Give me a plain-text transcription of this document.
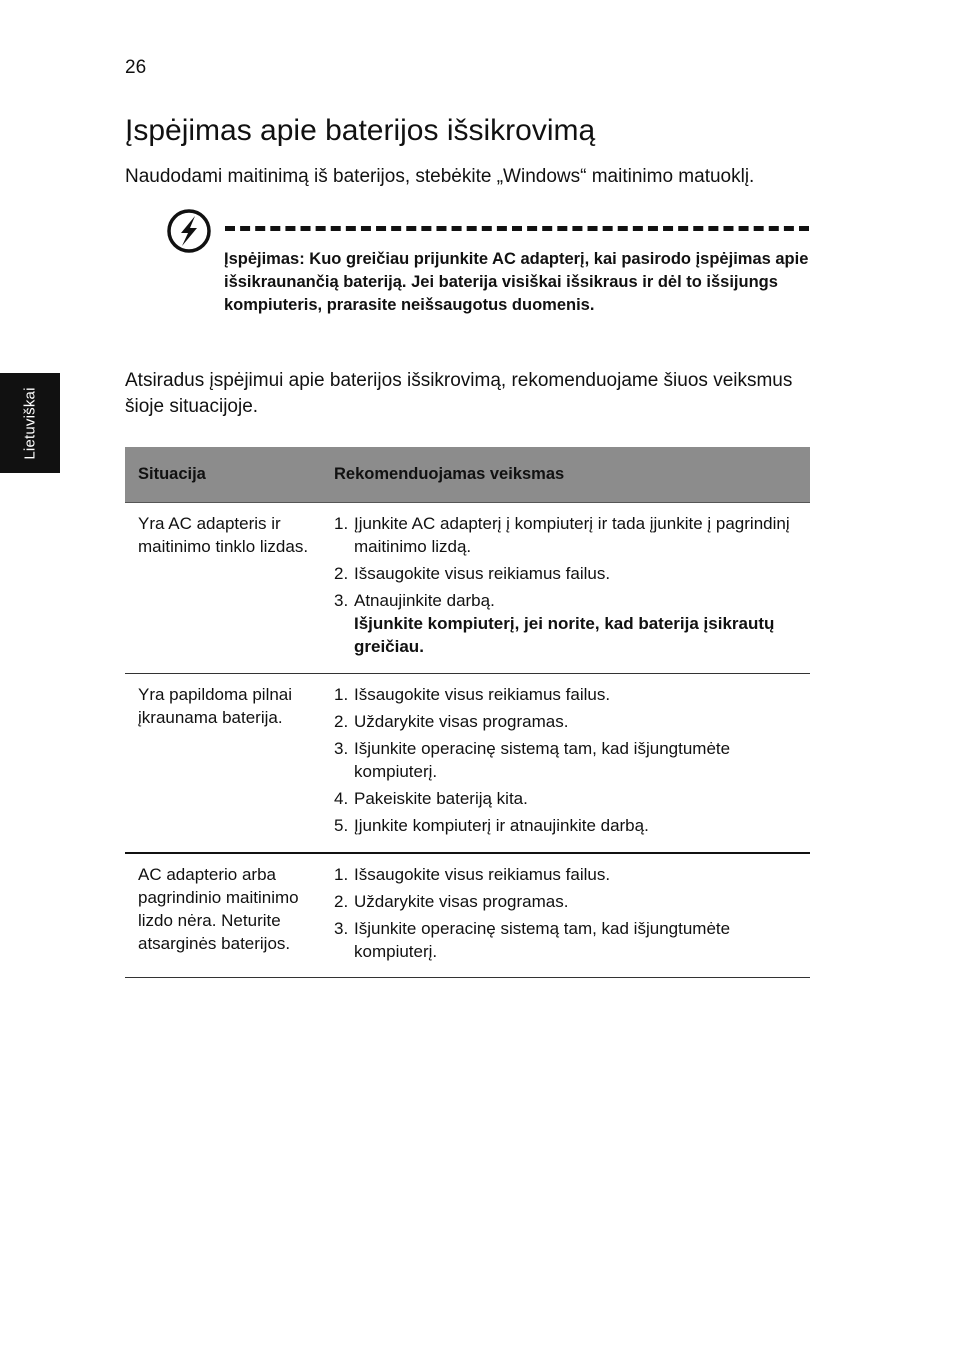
26
Lietuviškai
Įspėjimas apie baterijos išsikrovimą

Naudodami maitinimą iš baterijos, stebėkite „Windows“ maitinimo matuoklį.

Įspėjimas: Kuo greičiau prijunkite AC adapterį, kai pasirodo įspėjimas apie išsikraunančią bateriją. Jei baterija visiškai išsikraus ir dėl to išsijungs kompiuteris, prarasite neišsaugotus duomenis.

Atsiradus įspėjimui apie baterijos išsikrovimą, rekomenduojame šiuos veiksmus šioje situacijoje.

Situacija	Rekomenduojamas veiksmas
Yra AC adapteris ir maitinimo tinklo lizdas.
1. Įjunkite AC adapterį į kompiuterį ir tada įjunkite į pagrindinį maitinimo lizdą.
2. Išsaugokite visus reikiamus failus.
3. Atnaujinkite darbą.
Išjunkite kompiuterį, jei norite, kad baterija įsikrautų greičiau.
Yra papildoma pilnai įkraunama baterija.
1. Išsaugokite visus reikiamus failus.
2. Uždarykite visas programas.
3. Išjunkite operacinę sistemą tam, kad išjungtumėte kompiuterį.
4. Pakeiskite bateriją kita.
5. Įjunkite kompiuterį ir atnaujinkite darbą.
AC adapterio arba pagrindinio maitinimo lizdo nėra. Neturite atsarginės baterijos.
1. Išsaugokite visus reikiamus failus.
2. Uždarykite visas programas.
3. Išjunkite operacinę sistemą tam, kad išjungtumėte kompiuterį.
